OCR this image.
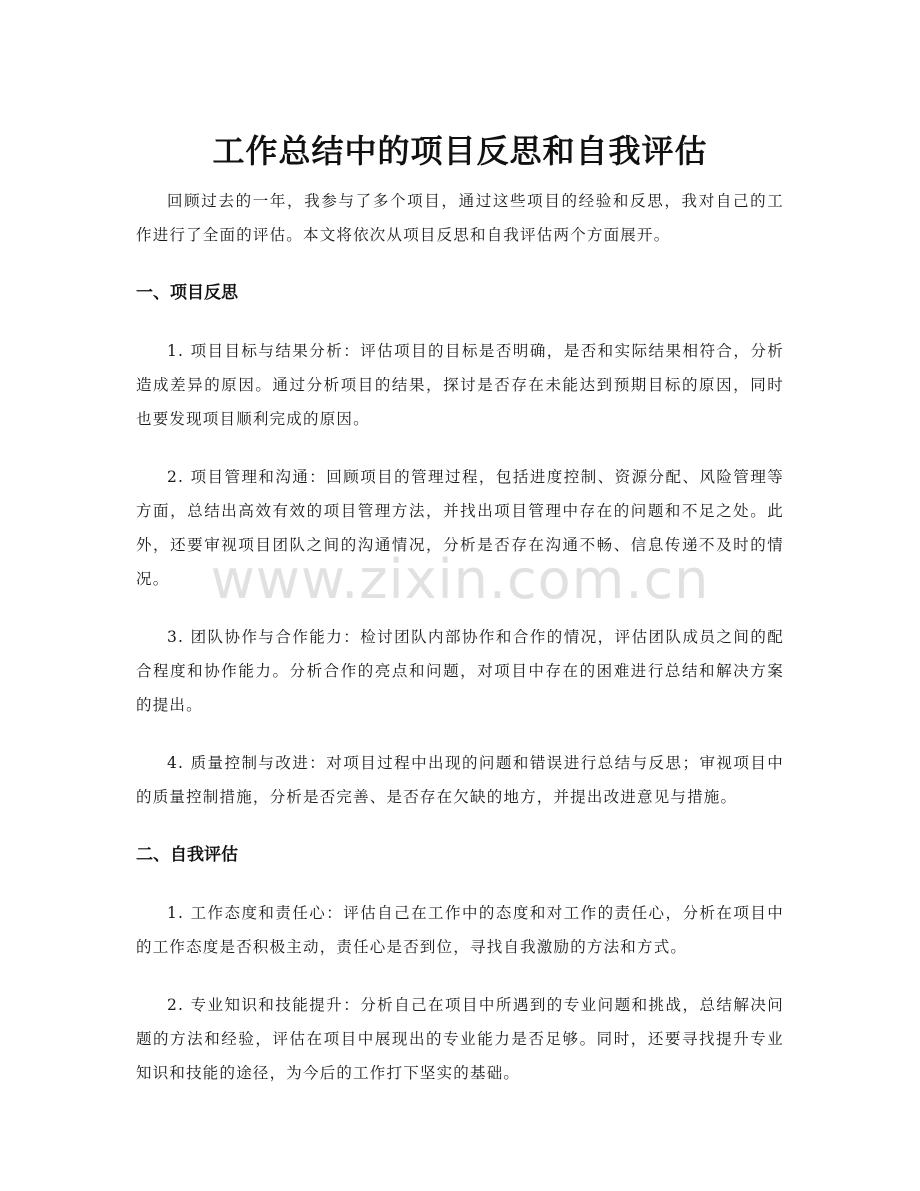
工作总结中的项目反思和自我评估

回顾过去的一年，我参与了多个项目，通过这些项目的经验和反思，我对自己的工作进行了全面的评估。本文将依次从项目反思和自我评估两个方面展开。

一、项目反思

1. 项目目标与结果分析：评估项目的目标是否明确，是否和实际结果相符合，分析造成差异的原因。通过分析项目的结果，探讨是否存在未能达到预期目标的原因，同时也要发现项目顺利完成的原因。

2. 项目管理和沟通：回顾项目的管理过程，包括进度控制、资源分配、风险管理等方面，总结出高效有效的项目管理方法，并找出项目管理中存在的问题和不足之处。此外，还要审视项目团队之间的沟通情况，分析是否存在沟通不畅、信息传递不及时的情况。

3. 团队协作与合作能力：检讨团队内部协作和合作的情况，评估团队成员之间的配合程度和协作能力。分析合作的亮点和问题，对项目中存在的困难进行总结和解决方案的提出。

4. 质量控制与改进：对项目过程中出现的问题和错误进行总结与反思；审视项目中的质量控制措施，分析是否完善、是否存在欠缺的地方，并提出改进意见与措施。

二、自我评估

1. 工作态度和责任心：评估自己在工作中的态度和对工作的责任心，分析在项目中的工作态度是否积极主动，责任心是否到位，寻找自我激励的方法和方式。

2. 专业知识和技能提升：分析自己在项目中所遇到的专业问题和挑战，总结解决问题的方法和经验，评估在项目中展现出的专业能力是否足够。同时，还要寻找提升专业知识和技能的途径，为今后的工作打下坚实的基础。

www.zixin.com.cn
